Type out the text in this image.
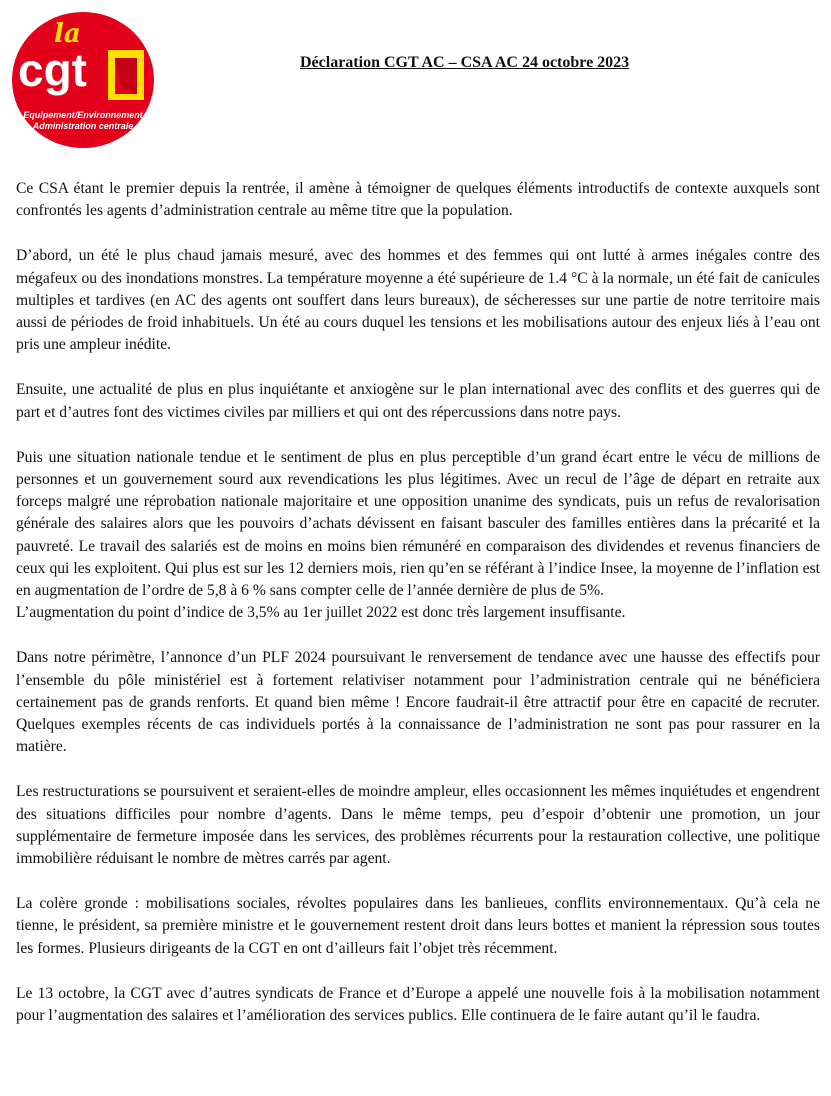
la
cgt
Equipement/Environnement
Administration centrale
Déclaration CGT AC – CSA AC 24 octobre 2023

Ce CSA étant le premier depuis la rentrée, il amène à témoigner de quelques éléments introductifs de contexte auxquels sont confrontés les agents d’administration centrale au même titre que la population.

D’abord, un été le plus chaud jamais mesuré, avec des hommes et des femmes qui ont lutté à armes inégales contre des mégafeux ou des inondations monstres. La température moyenne a été supérieure de 1.4 °C à la normale, un été fait de canicules multiples et tardives (en AC des agents ont souffert dans leurs bureaux), de sécheresses sur une partie de notre territoire mais aussi de périodes de froid inhabituels. Un été au cours duquel les tensions et les mobilisations autour des enjeux liés à l’eau ont pris une ampleur inédite.

Ensuite, une actualité de plus en plus inquiétante et anxiogène sur le plan international avec des conflits et des guerres qui de part et d’autres font des victimes civiles par milliers et qui ont des répercussions dans notre pays.

Puis une situation nationale tendue et le sentiment de plus en plus perceptible d’un grand écart entre le vécu de millions de personnes et un gouvernement sourd aux revendications les plus légitimes. Avec un recul de l’âge de départ en retraite aux forceps malgré une réprobation nationale majoritaire et une opposition unanime des syndicats, puis un refus de revalorisation générale des salaires alors que les pouvoirs d’achats dévissent en faisant basculer des familles entières dans la précarité et la pauvreté. Le travail des salariés est de moins en moins bien rémunéré en comparaison des dividendes et revenus financiers de ceux qui les exploitent. Qui plus est sur les 12 derniers mois, rien qu’en se référant à l’indice Insee, la moyenne de l’inflation est en augmentation de l’ordre de 5,8 à 6 % sans compter celle de l’année dernière de plus de 5%.

L’augmentation du point d’indice de 3,5% au 1er juillet 2022 est donc très largement insuffisante.

Dans notre périmètre, l’annonce d’un PLF 2024 poursuivant le renversement de tendance avec une hausse des effectifs pour l’ensemble du pôle ministériel est à fortement relativiser notamment pour l’administration centrale qui ne bénéficiera certainement pas de grands renforts. Et quand bien même ! Encore faudrait-il être attractif pour être en capacité de recruter. Quelques exemples récents de cas individuels portés à la connaissance de l’administration ne sont pas pour rassurer en la matière.

Les restructurations se poursuivent et seraient-elles de moindre ampleur, elles occasionnent les mêmes inquiétudes et engendrent des situations difficiles pour nombre d’agents. Dans le même temps, peu d’espoir d’obtenir une promotion, un jour supplémentaire de fermeture imposée dans les services, des problèmes récurrents pour la restauration collective, une politique immobilière réduisant le nombre de mètres carrés par agent.

La colère gronde : mobilisations sociales, révoltes populaires dans les banlieues, conflits environnementaux. Qu’à cela ne tienne, le président, sa première ministre et le gouvernement restent droit dans leurs bottes et manient la répression sous toutes les formes. Plusieurs dirigeants de la CGT en ont d’ailleurs fait l’objet très récemment.

Le 13 octobre, la CGT avec d’autres syndicats de France et d’Europe a appelé une nouvelle fois à la mobilisation notamment pour l’augmentation des salaires et l’amélioration des services publics. Elle continuera de le faire autant qu’il le faudra.
